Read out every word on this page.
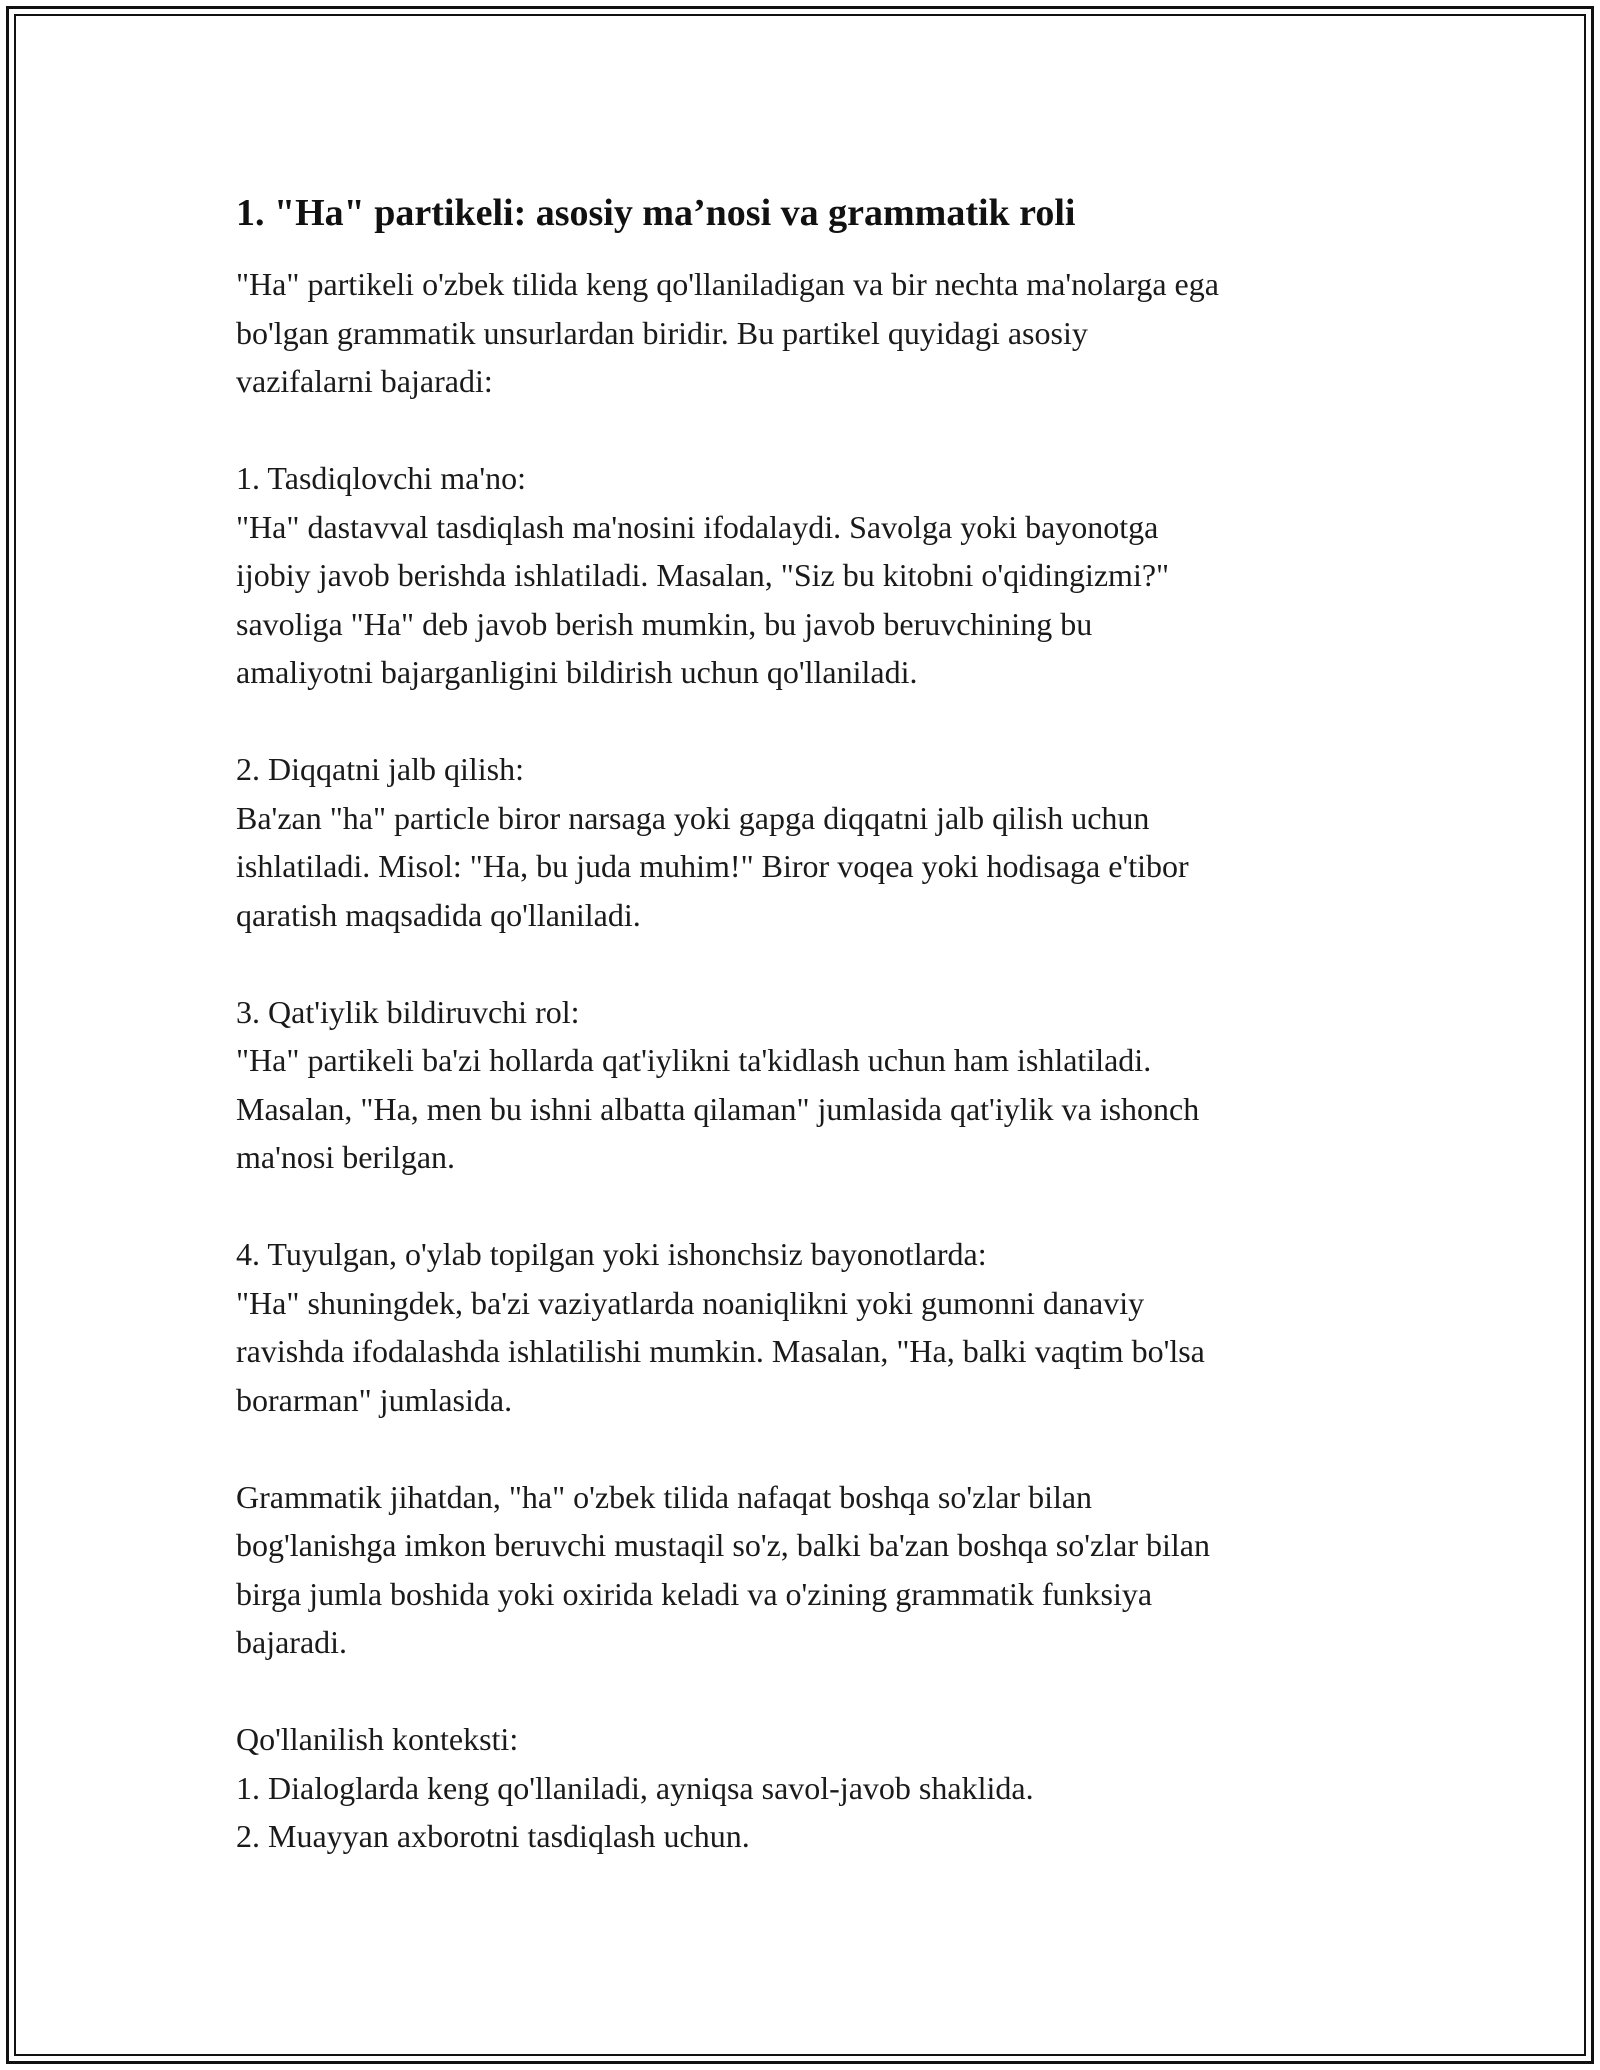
1. "Ha" partikeli: asosiy ma’nosi va grammatik roli
"Ha" partikeli o'zbek tilida keng qo'llaniladigan va bir nechta ma'nolarga ega
bo'lgan grammatik unsurlardan biridir. Bu partikel quyidagi asosiy
vazifalarni bajaradi:
1. Tasdiqlovchi ma'no:
"Ha" dastavval tasdiqlash ma'nosini ifodalaydi. Savolga yoki bayonotga
ijobiy javob berishda ishlatiladi. Masalan, "Siz bu kitobni o'qidingizmi?"
savoliga "Ha" deb javob berish mumkin, bu javob beruvchining bu
amaliyotni bajarganligini bildirish uchun qo'llaniladi.
2. Diqqatni jalb qilish:
Ba'zan "ha" particle biror narsaga yoki gapga diqqatni jalb qilish uchun
ishlatiladi. Misol: "Ha, bu juda muhim!" Biror voqea yoki hodisaga e'tibor
qaratish maqsadida qo'llaniladi.
3. Qat'iylik bildiruvchi rol:
"Ha" partikeli ba'zi hollarda qat'iylikni ta'kidlash uchun ham ishlatiladi.
Masalan, "Ha, men bu ishni albatta qilaman" jumlasida qat'iylik va ishonch
ma'nosi berilgan.
4. Tuyulgan, o'ylab topilgan yoki ishonchsiz bayonotlarda:
"Ha" shuningdek, ba'zi vaziyatlarda noaniqlikni yoki gumonni danaviy
ravishda ifodalashda ishlatilishi mumkin. Masalan, "Ha, balki vaqtim bo'lsa
borarman" jumlasida.
Grammatik jihatdan, "ha" o'zbek tilida nafaqat boshqa so'zlar bilan
bog'lanishga imkon beruvchi mustaqil so'z, balki ba'zan boshqa so'zlar bilan
birga jumla boshida yoki oxirida keladi va o'zining grammatik funksiya
bajaradi.
Qo'llanilish konteksti:
1. Dialoglarda keng qo'llaniladi, ayniqsa savol-javob shaklida.
2. Muayyan axborotni tasdiqlash uchun.
